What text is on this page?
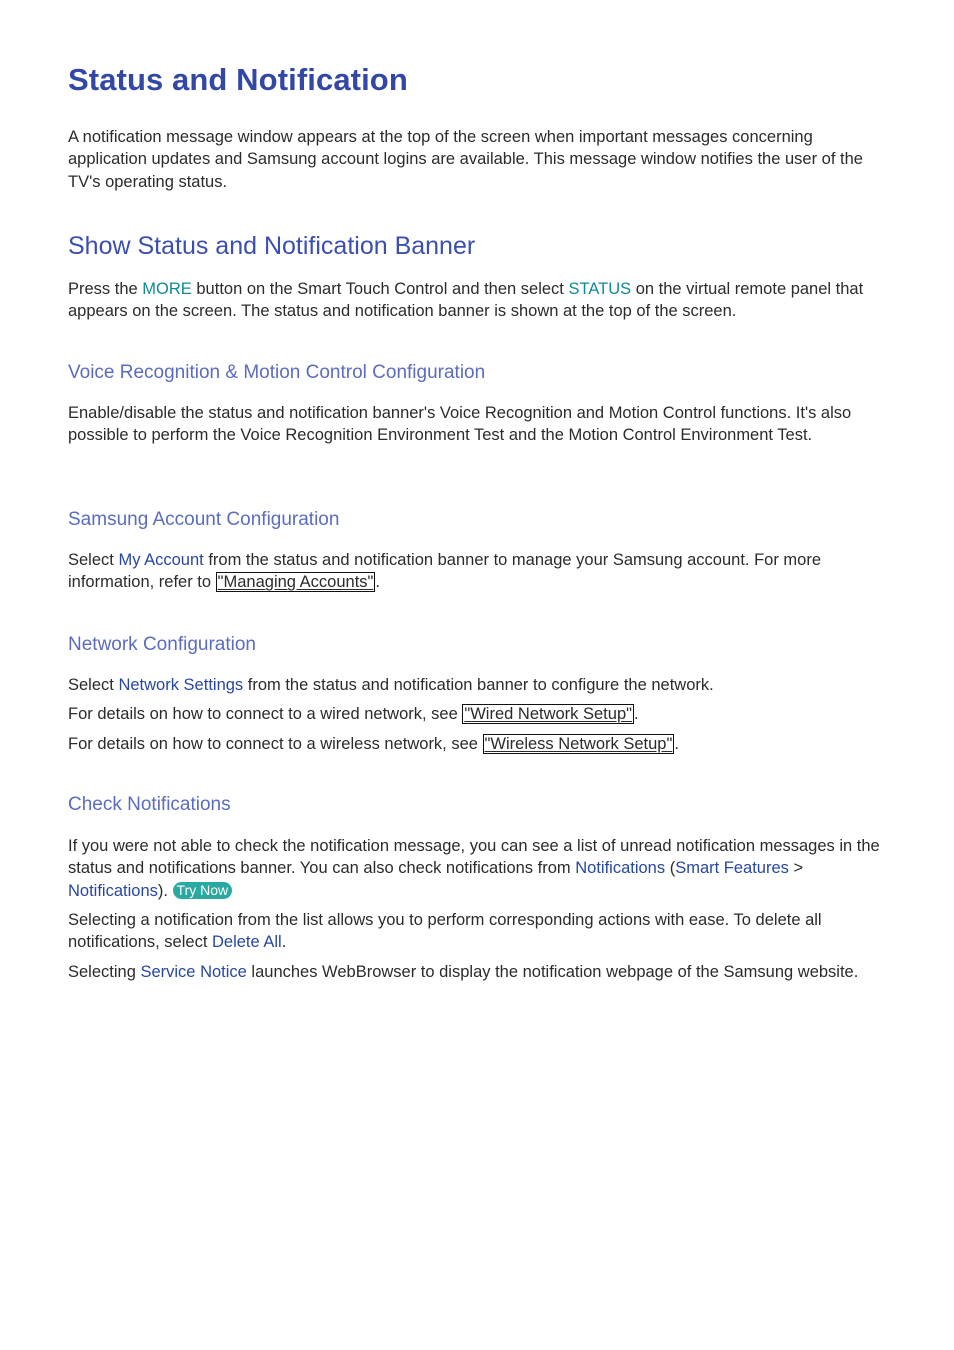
Status and Notification

A notification message window appears at the top of the screen when important messages concerning application updates and Samsung account logins are available. This message window notifies the user of the TV's operating status.

Show Status and Notification Banner

Press the MORE button on the Smart Touch Control and then select STATUS on the virtual remote panel that appears on the screen. The status and notification banner is shown at the top of the screen.

Voice Recognition & Motion Control Configuration

Enable/disable the status and notification banner's Voice Recognition and Motion Control functions. It's also possible to perform the Voice Recognition Environment Test and the Motion Control Environment Test.

Samsung Account Configuration

Select My Account from the status and notification banner to manage your Samsung account. For more information, refer to "Managing Accounts" .

Network Configuration

Select Network Settings from the status and notification banner to configure the network.

For details on how to connect to a wired network, see "Wired Network Setup" .

For details on how to connect to a wireless network, see "Wireless Network Setup" .

Check Notifications

If you were not able to check the notification message, you can see a list of unread notification messages in the status and notifications banner. You can also check notifications from Notifications (Smart Features > Notifications). Try Now

Selecting a notification from the list allows you to perform corresponding actions with ease. To delete all notifications, select Delete All.

Selecting Service Notice launches WebBrowser to display the notification webpage of the Samsung website.
